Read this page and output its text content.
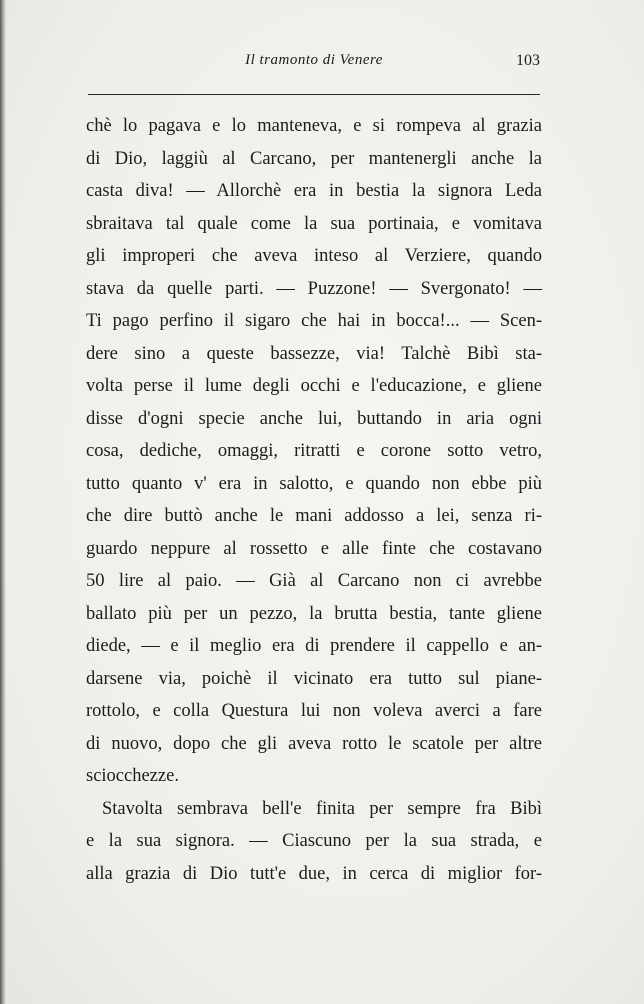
Il tramonto di Venere	103
chè lo pagava e lo manteneva, e si rompeva al grazia
di Dio, laggiù al Carcano, per mantenergli anche la
casta diva! — Allorchè era in bestia la signora Leda
sbraitava tal quale come la sua portinaia, e vomitava
gli improperi che aveva inteso al Verziere, quando
stava da quelle parti. — Puzzone! — Svergonato! —
Ti pago perfino il sigaro che hai in bocca!... — Scen-
dere sino a queste bassezze, via! Talchè Bibì sta-
volta perse il lume degli occhi e l'educazione, e gliene
disse d'ogni specie anche lui, buttando in aria ogni
cosa, dediche, omaggi, ritratti e corone sotto vetro,
tutto quanto v' era in salotto, e quando non ebbe più
che dire buttò anche le mani addosso a lei, senza ri-
guardo neppure al rossetto e alle finte che costavano
50 lire al paio. — Già al Carcano non ci avrebbe
ballato più per un pezzo, la brutta bestia, tante gliene
diede, — e il meglio era di prendere il cappello e an-
darsene via, poichè il vicinato era tutto sul piane-
rottolo, e colla Questura lui non voleva averci a fare
di nuovo, dopo che gli aveva rotto le scatole per altre
sciocchezze.
Stavolta sembrava bell'e finita per sempre fra Bibì
e la sua signora. — Ciascuno per la sua strada, e
alla grazia di Dio tutt'e due, in cerca di miglior for-
